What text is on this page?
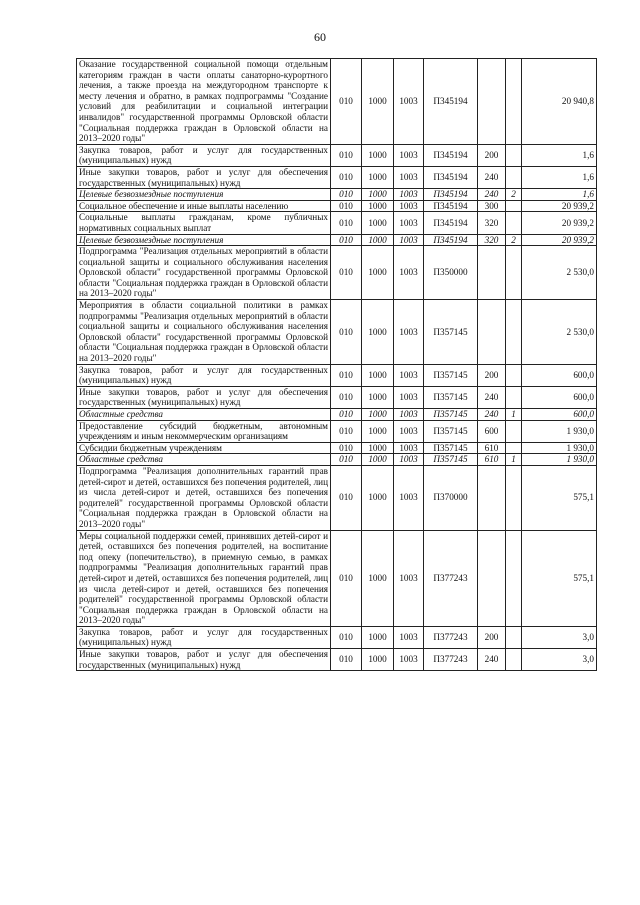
60
Оказание государственной социальной помощи отдельным категориям граждан в части оплаты санаторно-курортного лечения, а также проезда на междугородном транспорте к месту лечения и обратно, в рамках подпрограммы "Создание условий для реабилитации и социальной интеграции инвалидов" государственной программы Орловской области "Социальная поддержка граждан в Орловской области на 2013–2020 годы"	010	1000	1003	П345194			20 940,8
Закупка товаров, работ и услуг для государственных (муниципальных) нужд	010	1000	1003	П345194	200		1,6
Иные закупки товаров, работ и услуг для обеспечения государственных (муниципальных) нужд	010	1000	1003	П345194	240		1,6
Целевые безвозмездные поступления	010	1000	1003	П345194	240	2	1,6
Социальное обеспечение и иные выплаты населению	010	1000	1003	П345194	300		20 939,2
Социальные выплаты гражданам, кроме публичных нормативных социальных выплат	010	1000	1003	П345194	320		20 939,2
Целевые безвозмездные поступления	010	1000	1003	П345194	320	2	20 939,2
Подпрограмма "Реализация отдельных мероприятий в области социальной защиты и социального обслуживания населения Орловской области" государственной программы Орловской области "Социальная поддержка граждан в Орловской области на 2013–2020 годы"	010	1000	1003	П350000			2 530,0
Мероприятия в области социальной политики в рамках подпрограммы "Реализация отдельных мероприятий в области социальной защиты и социального обслуживания населения Орловской области" государственной программы Орловской области "Социальная поддержка граждан в Орловской области на 2013–2020 годы"	010	1000	1003	П357145			2 530,0
Закупка товаров, работ и услуг для государственных (муниципальных) нужд	010	1000	1003	П357145	200		600,0
Иные закупки товаров, работ и услуг для обеспечения государственных (муниципальных) нужд	010	1000	1003	П357145	240		600,0
Областные средства	010	1000	1003	П357145	240	1	600,0
Предоставление субсидий бюджетным, автономным учреждениям и иным некоммерческим организациям	010	1000	1003	П357145	600		1 930,0
Субсидии бюджетным учреждениям	010	1000	1003	П357145	610		1 930,0
Областные средства	010	1000	1003	П357145	610	1	1 930,0
Подпрограмма "Реализация дополнительных гарантий прав детей-сирот и детей, оставшихся без попечения родителей, лиц из числа детей-сирот и детей, оставшихся без попечения родителей" государственной программы Орловской области "Социальная поддержка граждан в Орловской области на 2013–2020 годы"	010	1000	1003	П370000			575,1
Меры социальной поддержки семей, принявших детей-сирот и детей, оставшихся без попечения родителей, на воспитание под опеку (попечительство), в приемную семью, в рамках подпрограммы "Реализация дополнительных гарантий прав детей-сирот и детей, оставшихся без попечения родителей, лиц из числа детей-сирот и детей, оставшихся без попечения родителей" государственной программы Орловской области "Социальная поддержка граждан в Орловской области на 2013–2020 годы"	010	1000	1003	П377243			575,1
Закупка товаров, работ и услуг для государственных (муниципальных) нужд	010	1000	1003	П377243	200		3,0
Иные закупки товаров, работ и услуг для обеспечения государственных (муниципальных) нужд	010	1000	1003	П377243	240		3,0
